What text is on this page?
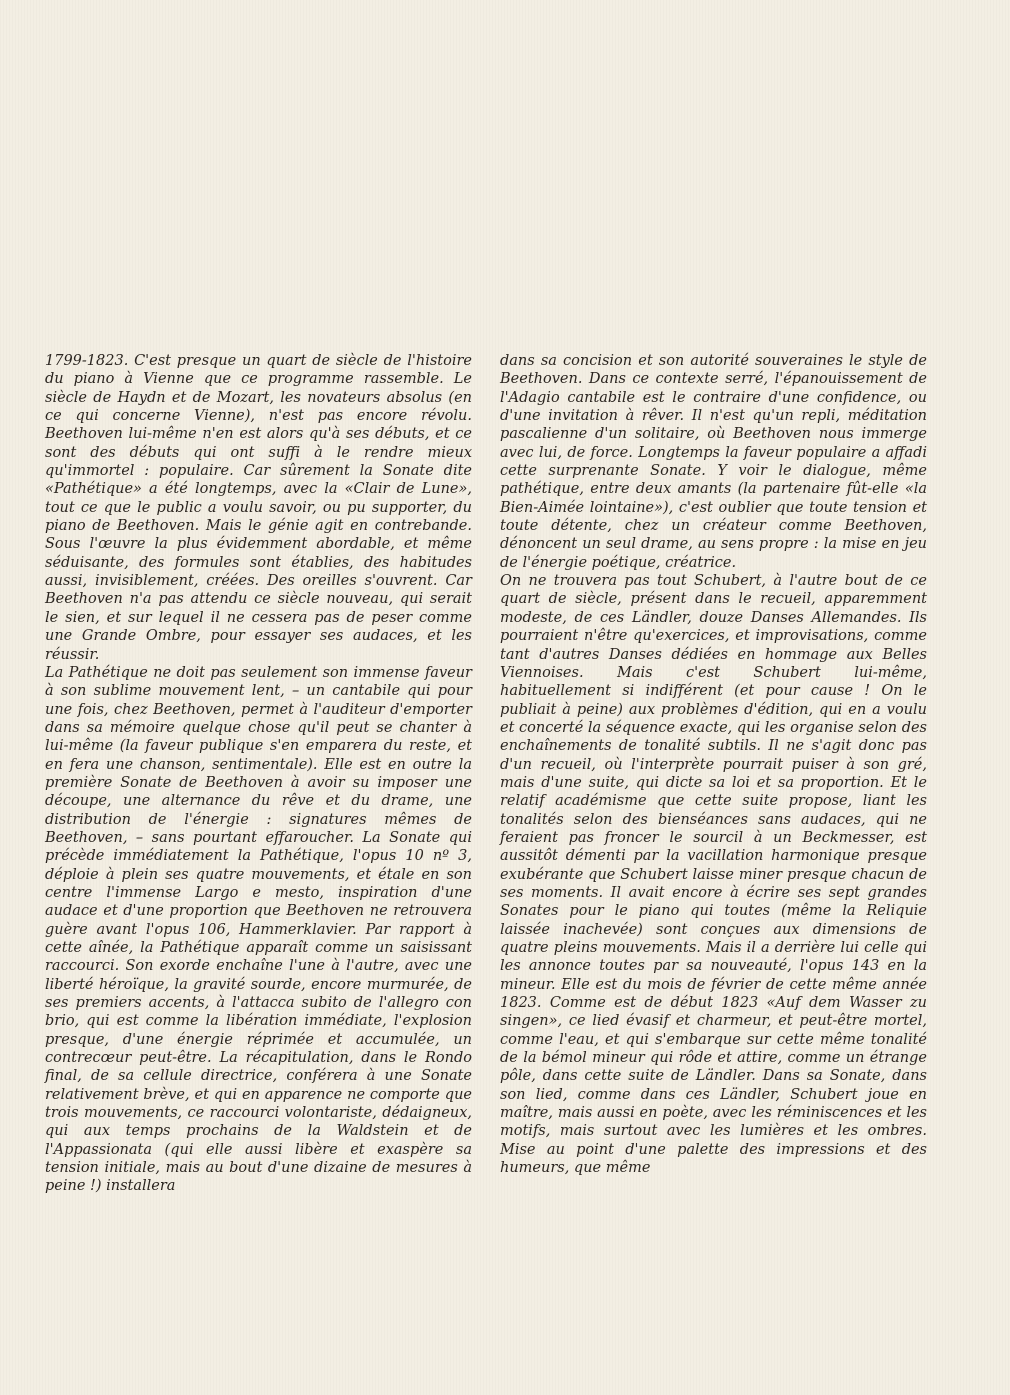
1799-1823. C'est presque un quart de siècle de l'histoire du piano à Vienne que ce programme rassemble. Le siècle de Haydn et de Mozart, les novateurs absolus (en ce qui concerne Vienne), n'est pas encore révolu. Beethoven lui-même n'en est alors qu'à ses débuts, et ce sont des débuts qui ont suffi à le rendre mieux qu'immortel : populaire. Car sûrement la Sonate dite «Pathétique» a été longtemps, avec la «Clair de Lune», tout ce que le public a voulu savoir, ou pu supporter, du piano de Beethoven. Mais le génie agit en contrebande. Sous l'œuvre la plus évidemment abordable, et même séduisante, des formules sont établies, des habitudes aussi, invisiblement, créées. Des oreilles s'ouvrent. Car Beethoven n'a pas attendu ce siècle nouveau, qui serait le sien, et sur lequel il ne cessera pas de peser comme une Grande Ombre, pour essayer ses audaces, et les réussir.

La Pathétique ne doit pas seulement son immense faveur à son sublime mouvement lent, – un cantabile qui pour une fois, chez Beethoven, permet à l'auditeur d'emporter dans sa mémoire quelque chose qu'il peut se chanter à lui-même (la faveur publique s'en emparera du reste, et en fera une chanson, sentimentale). Elle est en outre la première Sonate de Beethoven à avoir su imposer une découpe, une alternance du rêve et du drame, une distribution de l'énergie : signatures mêmes de Beethoven, – sans pourtant effaroucher. La Sonate qui précède immédiatement la Pathétique, l'opus 10 nº 3, déploie à plein ses quatre mouvements, et étale en son centre l'immense Largo e mesto, inspiration d'une audace et d'une proportion que Beethoven ne retrouvera guère avant l'opus 106, Hammerklavier. Par rapport à cette aînée, la Pathétique apparaît comme un saisissant raccourci. Son exorde enchaîne l'une à l'autre, avec une liberté héroïque, la gravité sourde, encore murmurée, de ses premiers accents, à l'attacca subito de l'allegro con brio, qui est comme la libération immédiate, l'explosion presque, d'une énergie réprimée et accumulée, un contrecœur peut-être. La récapitulation, dans le Rondo final, de sa cellule directrice, conférera à une Sonate relativement brève, et qui en apparence ne comporte que trois mouvements, ce raccourci volontariste, dédaigneux, qui aux temps prochains de la Waldstein et de l'Appassionata (qui elle aussi libère et exaspère sa tension initiale, mais au bout d'une dizaine de mesures à peine !) installera

dans sa concision et son autorité souveraines le style de Beethoven. Dans ce contexte serré, l'épanouissement de l'Adagio cantabile est le contraire d'une confidence, ou d'une invitation à rêver. Il n'est qu'un repli, méditation pascalienne d'un solitaire, où Beethoven nous immerge avec lui, de force. Longtemps la faveur populaire a affadi cette surprenante Sonate. Y voir le dialogue, même pathétique, entre deux amants (la partenaire fût-elle «la Bien-Aimée lointaine»), c'est oublier que toute tension et toute détente, chez un créateur comme Beethoven, dénoncent un seul drame, au sens propre : la mise en jeu de l'énergie poétique, créatrice.

On ne trouvera pas tout Schubert, à l'autre bout de ce quart de siècle, présent dans le recueil, apparemment modeste, de ces Ländler, douze Danses Allemandes. Ils pourraient n'être qu'exercices, et improvisations, comme tant d'autres Danses dédiées en hommage aux Belles Viennoises. Mais c'est Schubert lui-même, habituellement si indifférent (et pour cause ! On le publiait à peine) aux problèmes d'édition, qui en a voulu et concerté la séquence exacte, qui les organise selon des enchaînements de tonalité subtils. Il ne s'agit donc pas d'un recueil, où l'interprète pourrait puiser à son gré, mais d'une suite, qui dicte sa loi et sa proportion. Et le relatif académisme que cette suite propose, liant les tonalités selon des bienséances sans audaces, qui ne feraient pas froncer le sourcil à un Beckmesser, est aussitôt démenti par la vacillation harmonique presque exubérante que Schubert laisse miner presque chacun de ses moments. Il avait encore à écrire ses sept grandes Sonates pour le piano qui toutes (même la Reliquie laissée inachevée) sont conçues aux dimensions de quatre pleins mouvements. Mais il a derrière lui celle qui les annonce toutes par sa nouveauté, l'opus 143 en la mineur. Elle est du mois de février de cette même année 1823. Comme est de début 1823 «Auf dem Wasser zu singen», ce lied évasif et charmeur, et peut-être mortel, comme l'eau, et qui s'embarque sur cette même tonalité de la bémol mineur qui rôde et attire, comme un étrange pôle, dans cette suite de Ländler. Dans sa Sonate, dans son lied, comme dans ces Ländler, Schubert joue en maître, mais aussi en poète, avec les réminiscences et les motifs, mais surtout avec les lumières et les ombres. Mise au point d'une palette des impressions et des humeurs, que même
